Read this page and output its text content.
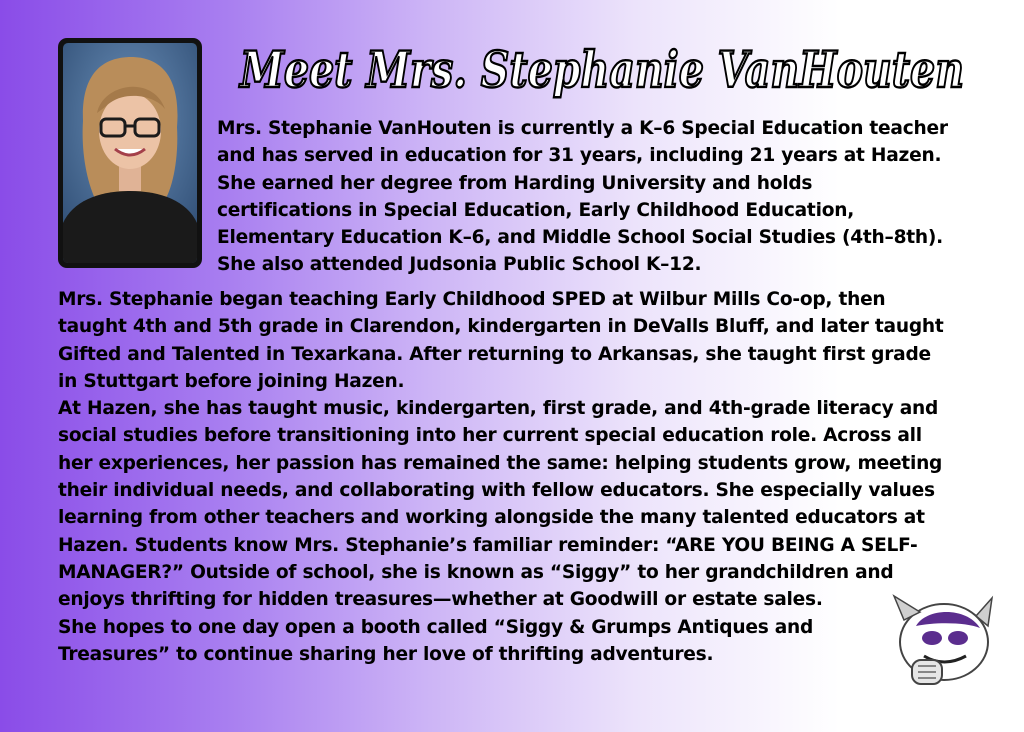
Meet Mrs. Stephanie VanHouten

Mrs. Stephanie VanHouten is currently a K–6 Special Education teacher
and has served in education for 31 years, including 21 years at Hazen.
She earned her degree from Harding University and holds
certifications in Special Education, Early Childhood Education,
Elementary Education K–6, and Middle School Social Studies (4th–8th).
She also attended Judsonia Public School K–12.

Mrs. Stephanie began teaching Early Childhood SPED at Wilbur Mills Co-op, then
taught 4th and 5th grade in Clarendon, kindergarten in DeValls Bluff, and later taught
Gifted and Talented in Texarkana. After returning to Arkansas, she taught first grade
in Stuttgart before joining Hazen.
At Hazen, she has taught music, kindergarten, first grade, and 4th-grade literacy and
social studies before transitioning into her current special education role. Across all
her experiences, her passion has remained the same: helping students grow, meeting
their individual needs, and collaborating with fellow educators. She especially values
learning from other teachers and working alongside the many talented educators at
Hazen. Students know Mrs. Stephanie’s familiar reminder: “ARE YOU BEING A SELF-
MANAGER?” Outside of school, she is known as “Siggy” to her grandchildren and
enjoys thrifting for hidden treasures—whether at Goodwill or estate sales.
She hopes to one day open a booth called “Siggy & Grumps Antiques and
Treasures” to continue sharing her love of thrifting adventures.
